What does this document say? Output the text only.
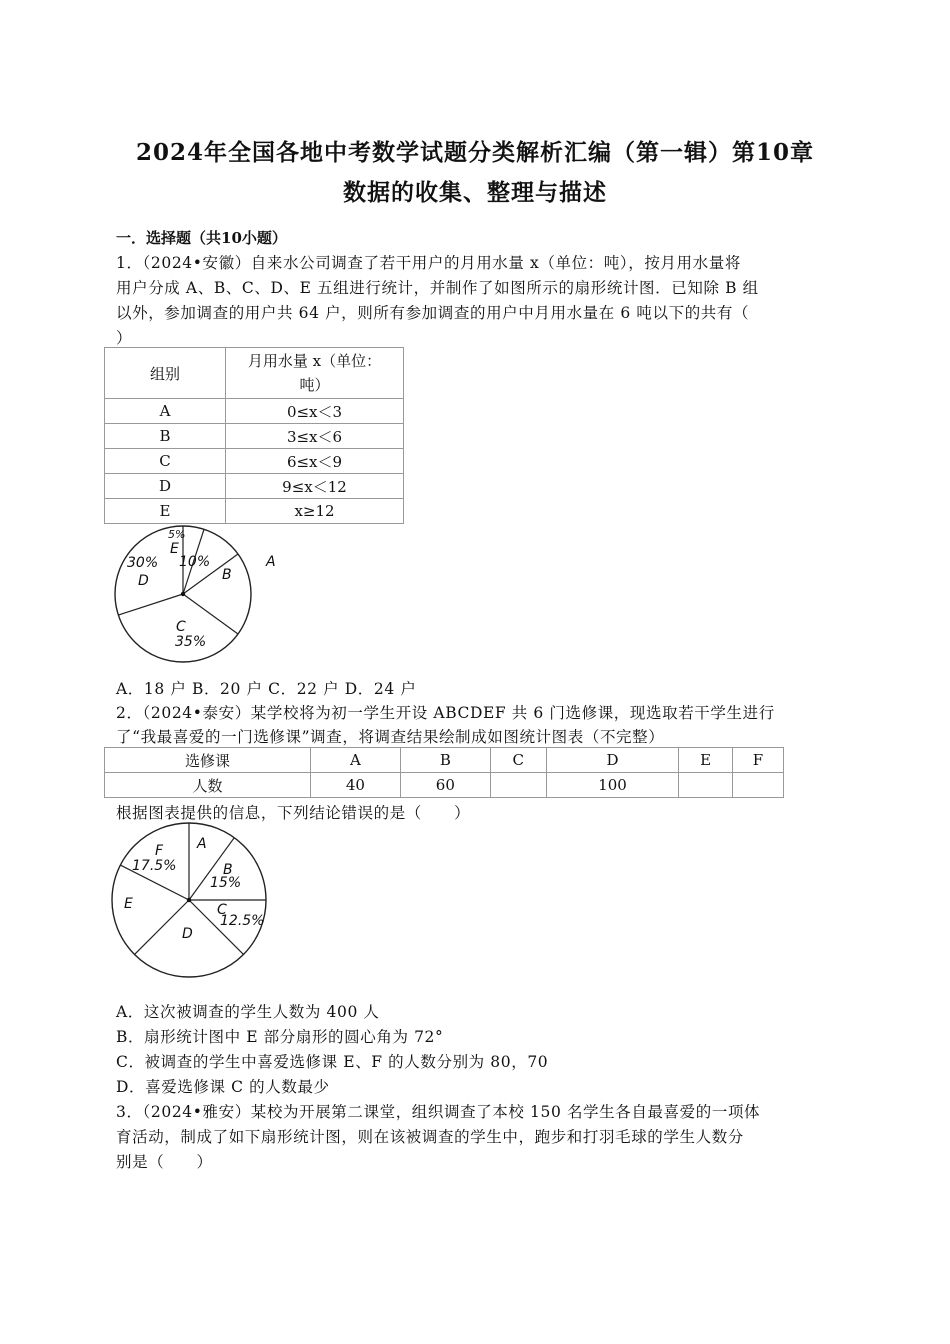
2024年全国各地中考数学试题分类解析汇编（第一辑）第10章
数据的收集、整理与描述
一．选择题（共10小题）
1．（2024•安徽）自来水公司调查了若干用户的月用水量 x（单位：吨），按月用水量将
用户分成 A、B、C、D、E 五组进行统计，并制作了如图所示的扇形统计图．已知除 B 组
以外，参加调查的用户共 64 户，则所有参加调查的用户中月用水量在 6 吨以下的共有（
）
组别	月用水量 x（单位：
吨）
A	0≤x＜3
B	3≤x＜6
C	6≤x＜9
D	9≤x＜12
E	x≥12
A
10%
B
C
35%
30%
D
5%
E
A．18 户 B．20 户 C．22 户 D．24 户
2．（2024•泰安）某学校将为初一学生开设 ABCDEF 共 6 门选修课，现选取若干学生进行
了“我最喜爱的一门选修课”调查，将调查结果绘制成如图统计图表（不完整）
选修课	A	B	C	D	E	F
人数	40	60		100		
根据图表提供的信息，下列结论错误的是（　　）
A
B
15%
C
12.5%
D
E
F
17.5%
A．这次被调查的学生人数为 400 人
B．扇形统计图中 E 部分扇形的圆心角为 72°
C．被调查的学生中喜爱选修课 E、F 的人数分别为 80，70
D．喜爱选修课 C 的人数最少
3．（2024•雅安）某校为开展第二课堂，组织调查了本校 150 名学生各自最喜爱的一项体
育活动，制成了如下扇形统计图，则在该被调查的学生中，跑步和打羽毛球的学生人数分
别是（　　）
